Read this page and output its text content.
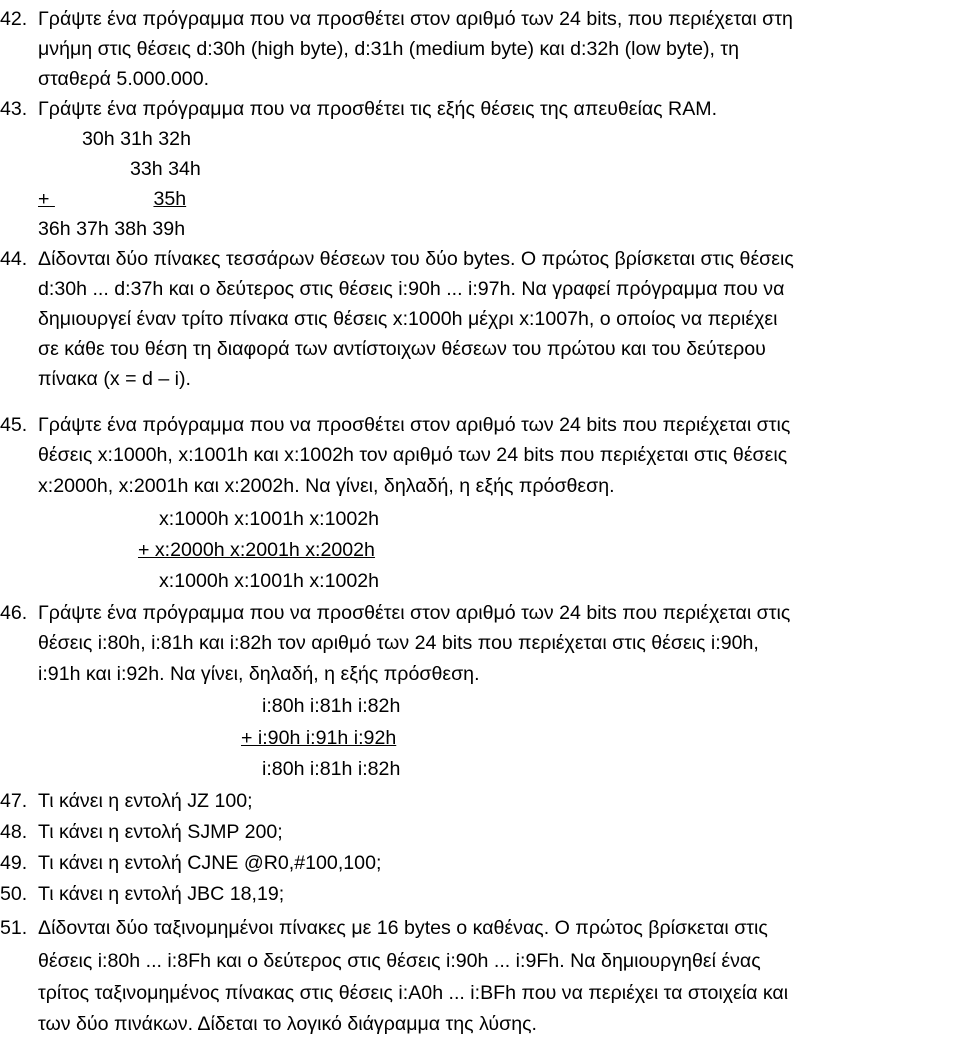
42. Γράψτε ένα πρόγραμμα που να προσθέτει στον αριθμό των 24 bits, που περιέχεται στη
μνήμη στις θέσεις d:30h (high byte), d:31h (medium byte) και d:32h (low byte), τη
σταθερά 5.000.000.
43. Γράψτε ένα πρόγραμμα που να προσθέτει τις εξής θέσεις της απευθείας RAM.
30h 31h 32h
33h 34h
+	35h
36h 37h 38h 39h
44. Δίδονται δύο πίνακες τεσσάρων θέσεων του δύο bytes. Ο πρώτος βρίσκεται στις θέσεις
d:30h ... d:37h και ο δεύτερος στις θέσεις i:90h ... i:97h. Να γραφεί πρόγραμμα που να
δημιουργεί έναν τρίτο πίνακα στις θέσεις x:1000h μέχρι x:1007h, ο οποίος να περιέχει
σε κάθε του θέση τη διαφορά των αντίστοιχων θέσεων του πρώτου και του δεύτερου
πίνακα (x = d – i).
45. Γράψτε ένα πρόγραμμα που να προσθέτει στον αριθμό των 24 bits που περιέχεται στις
θέσεις x:1000h, x:1001h και x:1002h τον αριθμό των 24 bits που περιέχεται στις θέσεις
x:2000h, x:2001h και x:2002h. Να γίνει, δηλαδή, η εξής πρόσθεση.
x:1000h x:1001h x:1002h
+ x:2000h x:2001h x:2002h
x:1000h x:1001h x:1002h
46. Γράψτε ένα πρόγραμμα που να προσθέτει στον αριθμό των 24 bits που περιέχεται στις
θέσεις i:80h, i:81h και i:82h τον αριθμό των 24 bits που περιέχεται στις θέσεις i:90h,
i:91h και i:92h. Να γίνει, δηλαδή, η εξής πρόσθεση.
i:80h i:81h i:82h
+ i:90h i:91h i:92h
i:80h i:81h i:82h
47. Τι κάνει η εντολή JZ 100;
48. Τι κάνει η εντολή SJMP 200;
49. Τι κάνει η εντολή CJNE @R0,#100,100;
50. Τι κάνει η εντολή JBC 18,19;
51. Δίδονται δύο ταξινομημένοι πίνακες με 16 bytes ο καθένας. Ο πρώτος βρίσκεται στις
θέσεις i:80h ... i:8Fh και ο δεύτερος στις θέσεις i:90h ... i:9Fh. Να δημιουργηθεί ένας
τρίτος ταξινομημένος πίνακας στις θέσεις i:A0h ... i:BFh που να περιέχει τα στοιχεία και
των δύο πινάκων. Δίδεται το λογικό διάγραμμα της λύσης.
